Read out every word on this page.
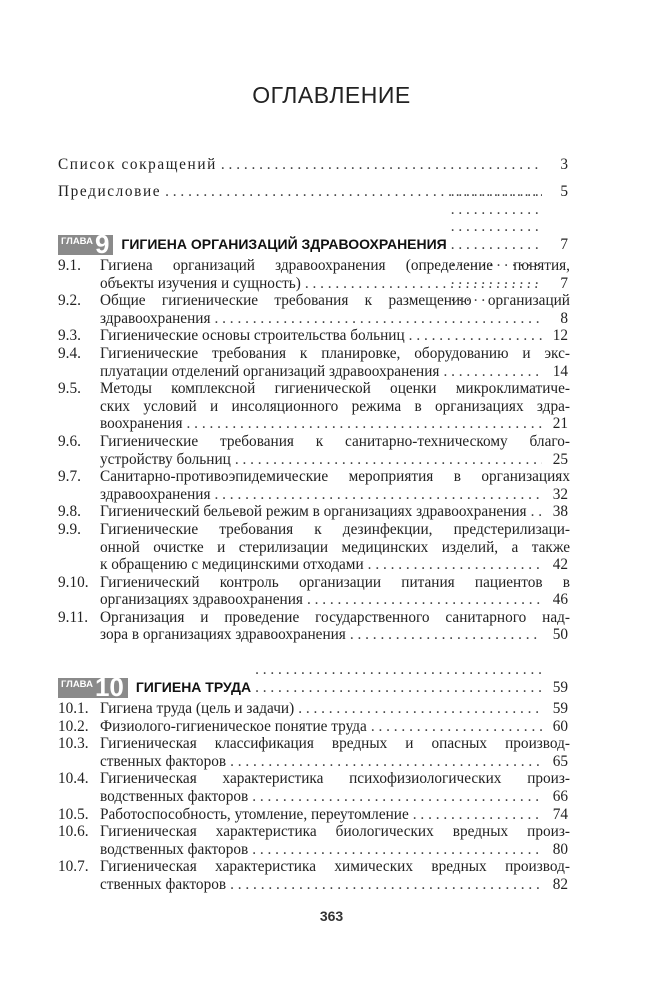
ОГЛАВЛЕНИЕ
Список сокращений . . .	3
Предисловие . . .	5
ГЛАВА 9 ГИГИЕНА ОРГАНИЗАЦИЙ ЗДРАВООХРАНЕНИЯ . . .	7
9.1.	Гигиена организаций здравоохранения (определение понятия,
объекты изучения и сущность) . . .	7
9.2.	Общие гигиенические требования к размещению организаций
здравоохранения . . .	8
9.3.	Гигиенические основы строительства больниц . . .	12
9.4.	Гигиенические требования к планировке, оборудованию и экс-
плуатации отделений организаций здравоохранения . . .	14
9.5.	Методы комплексной гигиенической оценки микроклиматиче-
ских условий и инсоляционного режима в организациях здра-
воохранения . . .	21
9.6.	Гигиенические требования к санитарно-техническому благо-
устройству больниц . . .	25
9.7.	Санитарно-противоэпидемические мероприятия в организациях
здравоохранения . . .	32
9.8.	Гигиенический бельевой режим в организациях здравоохранения . . .	38
9.9.	Гигиенические требования к дезинфекции, предстерилизаци-
онной очистке и стерилизации медицинских изделий, а также
к обращению с медицинскими отходами . . .	42
9.10. Гигиенический контроль организации питания пациентов в
организациях здравоохранения . . .	46
9.11. Организация и проведение государственного санитарного над-
зора в организациях здравоохранения . . .	50
ГЛАВА 10 ГИГИЕНА ТРУДА . . .	59
10.1. Гигиена труда (цель и задачи) . . .	59
10.2. Физиолого-гигиеническое понятие труда . . .	60
10.3. Гигиеническая классификация вредных и опасных производ-
ственных факторов . . .	65
10.4. Гигиеническая характеристика психофизиологических произ-
водственных факторов . . .	66
10.5. Работоспособность, утомление, переутомление . . .	74
10.6. Гигиеническая характеристика биологических вредных произ-
водственных факторов . . .	80
10.7. Гигиеническая характеристика химических вредных производ-
ственных факторов . . .	82
363
